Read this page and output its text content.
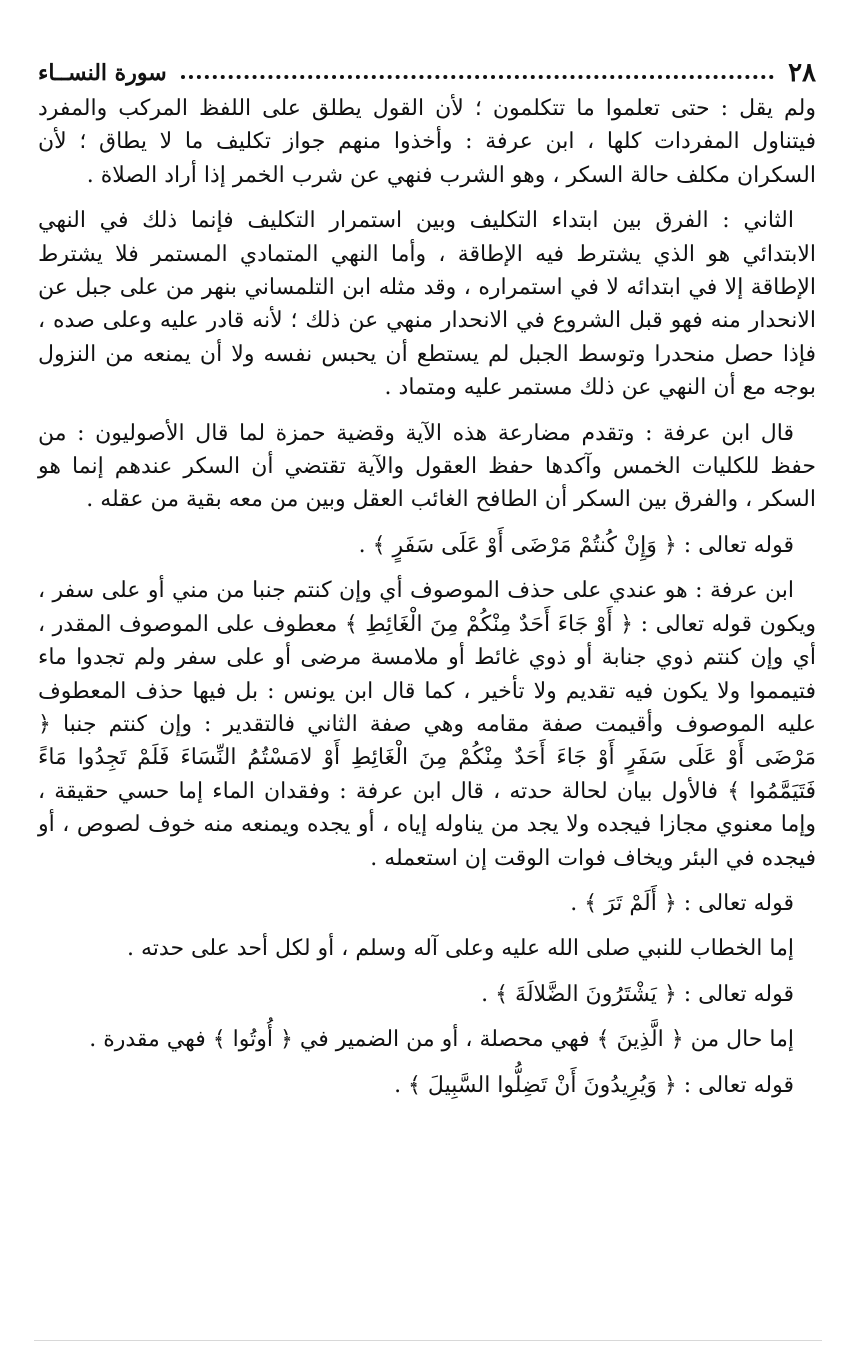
٢٨
سورة النســاء

ولم يقل : حتى تعلموا ما تتكلمون ؛ لأن القول يطلق على اللفظ المركب والمفرد فيتناول المفردات كلها ، ابن عرفة : وأخذوا منهم جواز تكليف ما لا يطاق ؛ لأن السكران مكلف حالة السكر ، وهو الشرب فنهي عن شرب الخمر إذا أراد الصلاة .

الثاني : الفرق بين ابتداء التكليف وبين استمرار التكليف فإنما ذلك في النهي الابتدائي هو الذي يشترط فيه الإطاقة ، وأما النهي المتمادي المستمر فلا يشترط الإطاقة إلا في ابتدائه لا في استمراره ، وقد مثله ابن التلمساني بنهر من على جبل عن الانحدار منه فهو قبل الشروع في الانحدار منهي عن ذلك ؛ لأنه قادر عليه وعلى صده ، فإذا حصل منحدرا وتوسط الجبل لم يستطع أن يحبس نفسه ولا أن يمنعه من النزول بوجه مع أن النهي عن ذلك مستمر عليه ومتماد .

قال ابن عرفة : وتقدم مضارعة هذه الآية وقضية حمزة لما قال الأصوليون : من حفظ للكليات الخمس وآكدها حفظ العقول والآية تقتضي أن السكر عندهم إنما هو السكر ، والفرق بين السكر أن الطافح الغائب العقل وبين من معه بقية من عقله .

قوله تعالى : ﴿ وَإِنْ كُنتُمْ مَرْضَى أَوْ عَلَى سَفَرٍ ﴾ .

ابن عرفة : هو عندي على حذف الموصوف أي وإن كنتم جنبا من مني أو على سفر ، ويكون قوله تعالى : ﴿ أَوْ جَاءَ أَحَدٌ مِنْكُمْ مِنَ الْغَائِطِ ﴾ معطوف على الموصوف المقدر ، أي وإن كنتم ذوي جنابة أو ذوي غائط أو ملامسة مرضى أو على سفر ولم تجدوا ماء فتيمموا ولا يكون فيه تقديم ولا تأخير ، كما قال ابن يونس : بل فيها حذف المعطوف عليه الموصوف وأقيمت صفة مقامه وهي صفة الثاني فالتقدير : وإن كنتم جنبا ﴿ مَرْضَى أَوْ عَلَى سَفَرٍ أَوْ جَاءَ أَحَدٌ مِنْكُمْ مِنَ الْغَائِطِ أَوْ لامَسْتُمُ النِّسَاءَ فَلَمْ تَجِدُوا مَاءً فَتَيَمَّمُوا ﴾ فالأول بيان لحالة حدته ، قال ابن عرفة : وفقدان الماء إما حسي حقيقة ، وإما معنوي مجازا فيجده ولا يجد من يناوله إياه ، أو يجده ويمنعه منه خوف لصوص ، أو فيجده في البئر ويخاف فوات الوقت إن استعمله .

قوله تعالى : ﴿ أَلَمْ تَرَ ﴾ .

إما الخطاب للنبي صلى الله عليه وعلى آله وسلم ، أو لكل أحد على حدته .

قوله تعالى : ﴿ يَشْتَرُونَ الضَّلالَةَ ﴾ .

إما حال من ﴿ الَّذِينَ ﴾ فهي محصلة ، أو من الضمير في ﴿ أُوتُوا ﴾ فهي مقدرة .

قوله تعالى : ﴿ وَيُرِيدُونَ أَنْ تَضِلُّوا السَّبِيلَ ﴾ .
